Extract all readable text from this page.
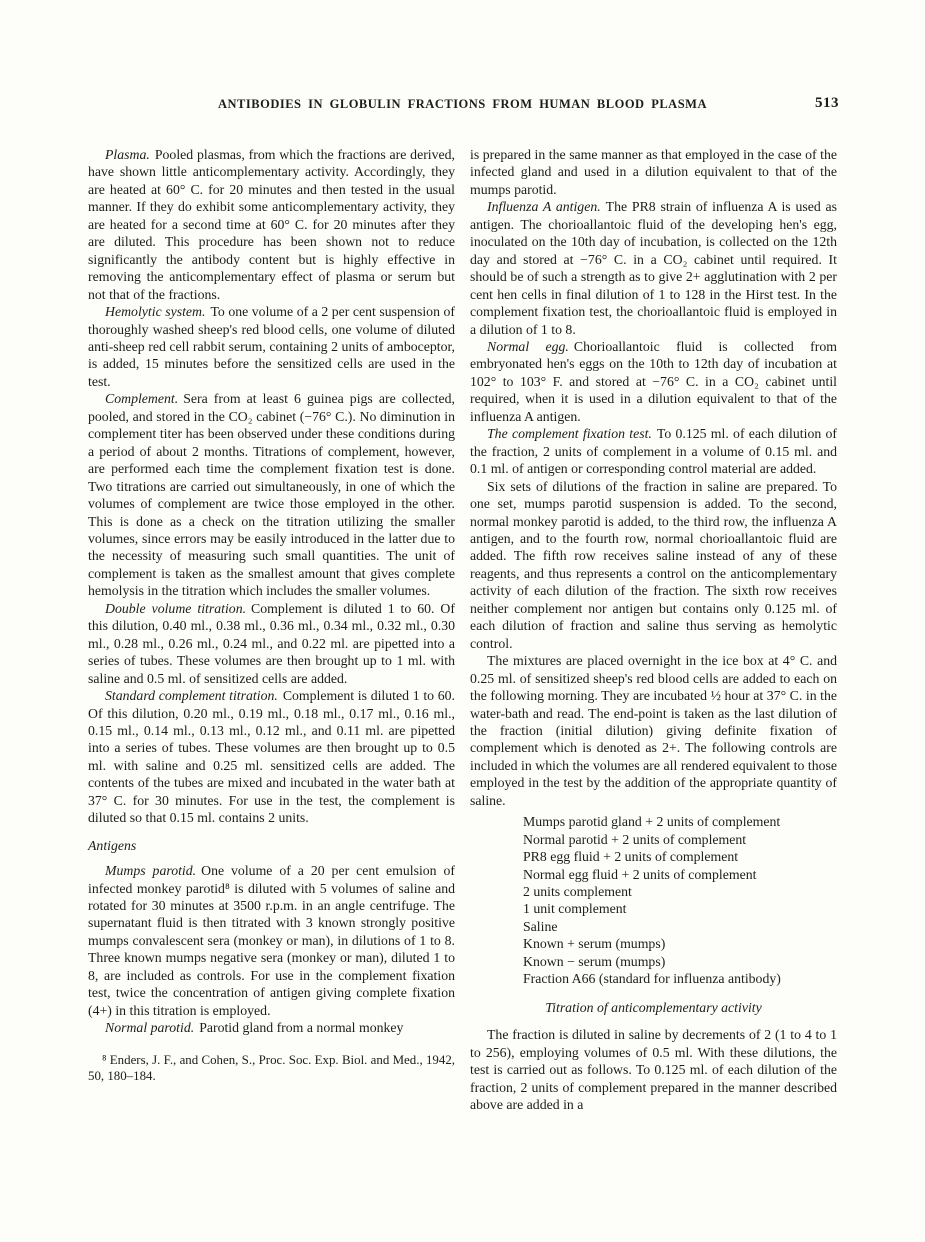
ANTIBODIES IN GLOBULIN FRACTIONS FROM HUMAN BLOOD PLASMA	513

Plasma. Pooled plasmas, from which the fractions are derived, have shown little anticomplementary activity. Accordingly, they are heated at 60° C. for 20 minutes and then tested in the usual manner. If they do exhibit some anticomplementary activity, they are heated for a second time at 60° C. for 20 minutes after they are diluted. This procedure has been shown not to reduce significantly the antibody content but is highly effective in removing the anticomplementary effect of plasma or serum but not that of the fractions.

Hemolytic system. To one volume of a 2 per cent suspension of thoroughly washed sheep's red blood cells, one volume of diluted anti-sheep red cell rabbit serum, containing 2 units of amboceptor, is added, 15 minutes before the sensitized cells are used in the test.

Complement. Sera from at least 6 guinea pigs are collected, pooled, and stored in the CO₂ cabinet (−76° C.). No diminution in complement titer has been observed under these conditions during a period of about 2 months. Titrations of complement, however, are performed each time the complement fixation test is done. Two titrations are carried out simultaneously, in one of which the volumes of complement are twice those employed in the other. This is done as a check on the titration utilizing the smaller volumes, since errors may be easily introduced in the latter due to the necessity of measuring such small quantities. The unit of complement is taken as the smallest amount that gives complete hemolysis in the titration which includes the smaller volumes.

Double volume titration. Complement is diluted 1 to 60. Of this dilution, 0.40 ml., 0.38 ml., 0.36 ml., 0.34 ml., 0.32 ml., 0.30 ml., 0.28 ml., 0.26 ml., 0.24 ml., and 0.22 ml. are pipetted into a series of tubes. These volumes are then brought up to 1 ml. with saline and 0.5 ml. of sensitized cells are added.

Standard complement titration. Complement is diluted 1 to 60. Of this dilution, 0.20 ml., 0.19 ml., 0.18 ml., 0.17 ml., 0.16 ml., 0.15 ml., 0.14 ml., 0.13 ml., 0.12 ml., and 0.11 ml. are pipetted into a series of tubes. These volumes are then brought up to 0.5 ml. with saline and 0.25 ml. sensitized cells are added. The contents of the tubes are mixed and incubated in the water bath at 37° C. for 30 minutes. For use in the test, the complement is diluted so that 0.15 ml. contains 2 units.

Antigens

Mumps parotid. One volume of a 20 per cent emulsion of infected monkey parotid⁸ is diluted with 5 volumes of saline and rotated for 30 minutes at 3500 r.p.m. in an angle centrifuge. The supernatant fluid is then titrated with 3 known strongly positive mumps convalescent sera (monkey or man), in dilutions of 1 to 8. Three known mumps negative sera (monkey or man), diluted 1 to 8, are included as controls. For use in the complement fixation test, twice the concentration of antigen giving complete fixation (4+) in this titration is employed.

Normal parotid. Parotid gland from a normal monkey

⁸ Enders, J. F., and Cohen, S., Proc. Soc. Exp. Biol. and Med., 1942, 50, 180–184.

is prepared in the same manner as that employed in the case of the infected gland and used in a dilution equivalent to that of the mumps parotid.

Influenza A antigen. The PR8 strain of influenza A is used as antigen. The chorioallantoic fluid of the developing hen's egg, inoculated on the 10th day of incubation, is collected on the 12th day and stored at −76° C. in a CO₂ cabinet until required. It should be of such a strength as to give 2+ agglutination with 2 per cent hen cells in final dilution of 1 to 128 in the Hirst test. In the complement fixation test, the chorioallantoic fluid is employed in a dilution of 1 to 8.

Normal egg. Chorioallantoic fluid is collected from embryonated hen's eggs on the 10th to 12th day of incubation at 102° to 103° F. and stored at −76° C. in a CO₂ cabinet until required, when it is used in a dilution equivalent to that of the influenza A antigen.

The complement fixation test. To 0.125 ml. of each dilution of the fraction, 2 units of complement in a volume of 0.15 ml. and 0.1 ml. of antigen or corresponding control material are added.

Six sets of dilutions of the fraction in saline are prepared. To one set, mumps parotid suspension is added. To the second, normal monkey parotid is added, to the third row, the influenza A antigen, and to the fourth row, normal chorioallantoic fluid are added. The fifth row receives saline instead of any of these reagents, and thus represents a control on the anticomplementary activity of each dilution of the fraction. The sixth row receives neither complement nor antigen but contains only 0.125 ml. of each dilution of fraction and saline thus serving as hemolytic control.

The mixtures are placed overnight in the ice box at 4° C. and 0.25 ml. of sensitized sheep's red blood cells are added to each on the following morning. They are incubated ½ hour at 37° C. in the water-bath and read. The end-point is taken as the last dilution of the fraction (initial dilution) giving definite fixation of complement which is denoted as 2+. The following controls are included in which the volumes are all rendered equivalent to those employed in the test by the addition of the appropriate quantity of saline.

Mumps parotid gland + 2 units of complement
Normal parotid + 2 units of complement
PR8 egg fluid + 2 units of complement
Normal egg fluid + 2 units of complement
2 units complement
1 unit complement
Saline
Known + serum (mumps)
Known − serum (mumps)
Fraction A66 (standard for influenza antibody)
Titration of anticomplementary activity

The fraction is diluted in saline by decrements of 2 (1 to 4 to 1 to 256), employing volumes of 0.5 ml. With these dilutions, the test is carried out as follows. To 0.125 ml. of each dilution of the fraction, 2 units of complement prepared in the manner described above are added in a
